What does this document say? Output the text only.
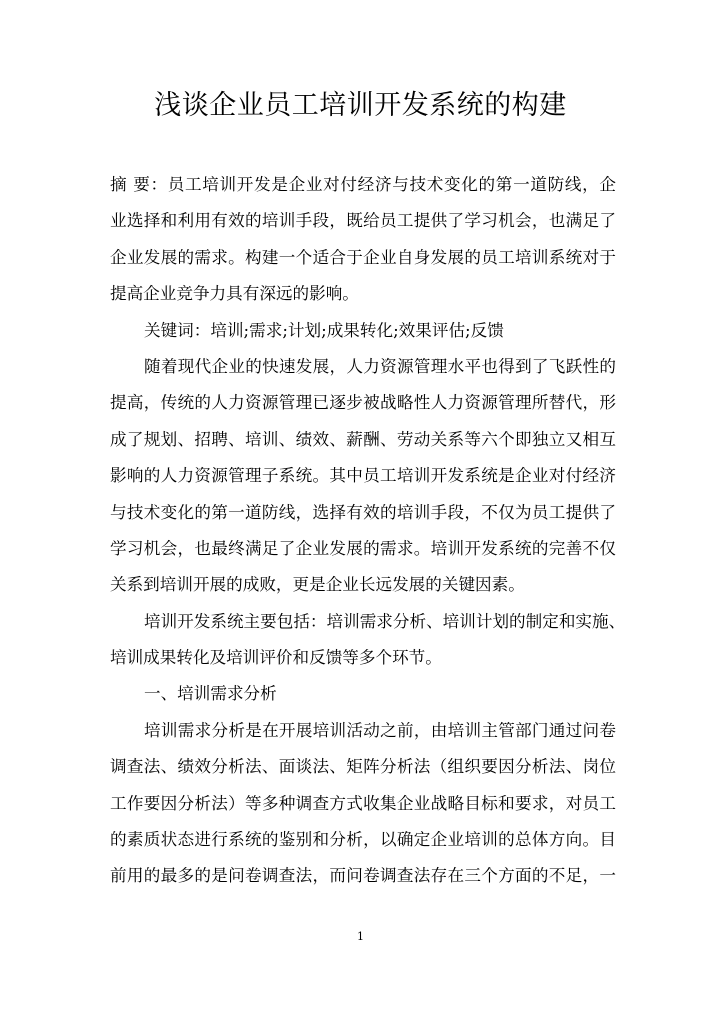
浅谈企业员工培训开发系统的构建
摘 要：员工培训开发是企业对付经济与技术变化的第一道防线，企
业选择和利用有效的培训手段，既给员工提供了学习机会，也满足了
企业发展的需求。构建一个适合于企业自身发展的员工培训系统对于
提高企业竞争力具有深远的影响。
关键词：培训;需求;计划;成果转化;效果评估;反馈
随着现代企业的快速发展，人力资源管理水平也得到了飞跃性的
提高，传统的人力资源管理已逐步被战略性人力资源管理所替代，形
成了规划、招聘、培训、绩效、薪酬、劳动关系等六个即独立又相互
影响的人力资源管理子系统。其中员工培训开发系统是企业对付经济
与技术变化的第一道防线，选择有效的培训手段，不仅为员工提供了
学习机会，也最终满足了企业发展的需求。培训开发系统的完善不仅
关系到培训开展的成败，更是企业长远发展的关键因素。
培训开发系统主要包括：培训需求分析、培训计划的制定和实施、
培训成果转化及培训评价和反馈等多个环节。
一、培训需求分析
培训需求分析是在开展培训活动之前，由培训主管部门通过问卷
调查法、绩效分析法、面谈法、矩阵分析法（组织要因分析法、岗位
工作要因分析法）等多种调查方式收集企业战略目标和要求，对员工
的素质状态进行系统的鉴别和分析，以确定企业培训的总体方向。目
前用的最多的是问卷调查法，而问卷调查法存在三个方面的不足，一
1
